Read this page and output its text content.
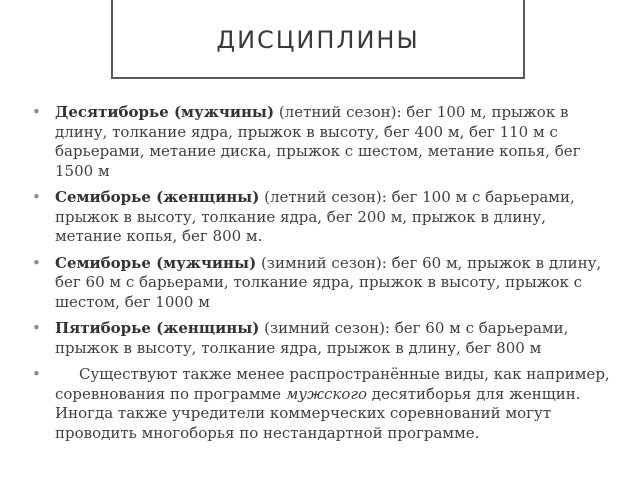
ДИСЦИПЛИНЫ
• Десятиборье (мужчины) (летний сезон): бег 100 м, прыжок в длину, толкание ядра, прыжок в высоту, бег 400 м, бег 110 м с барьерами, метание диска, прыжок с шестом, метание копья, бег 1500 м
• Семиборье (женщины) (летний сезон): бег 100 м с барьерами, прыжок в высоту, толкание ядра, бег 200 м, прыжок в длину, метание копья, бег 800 м.
• Семиборье (мужчины) (зимний сезон): бег 60 м, прыжок в длину, бег 60 м с барьерами, толкание ядра, прыжок в высоту, прыжок с шестом, бег 1000 м
• Пятиборье (женщины) (зимний сезон): бег 60 м с барьерами, прыжок в высоту, толкание ядра, прыжок в длину, бег 800 м
•	Существуют также менее распространённые виды, как например, соревнования по программе мужского десятиборья для женщин. Иногда также учредители коммерческих соревнований могут проводить многоборья по нестандартной программе.
